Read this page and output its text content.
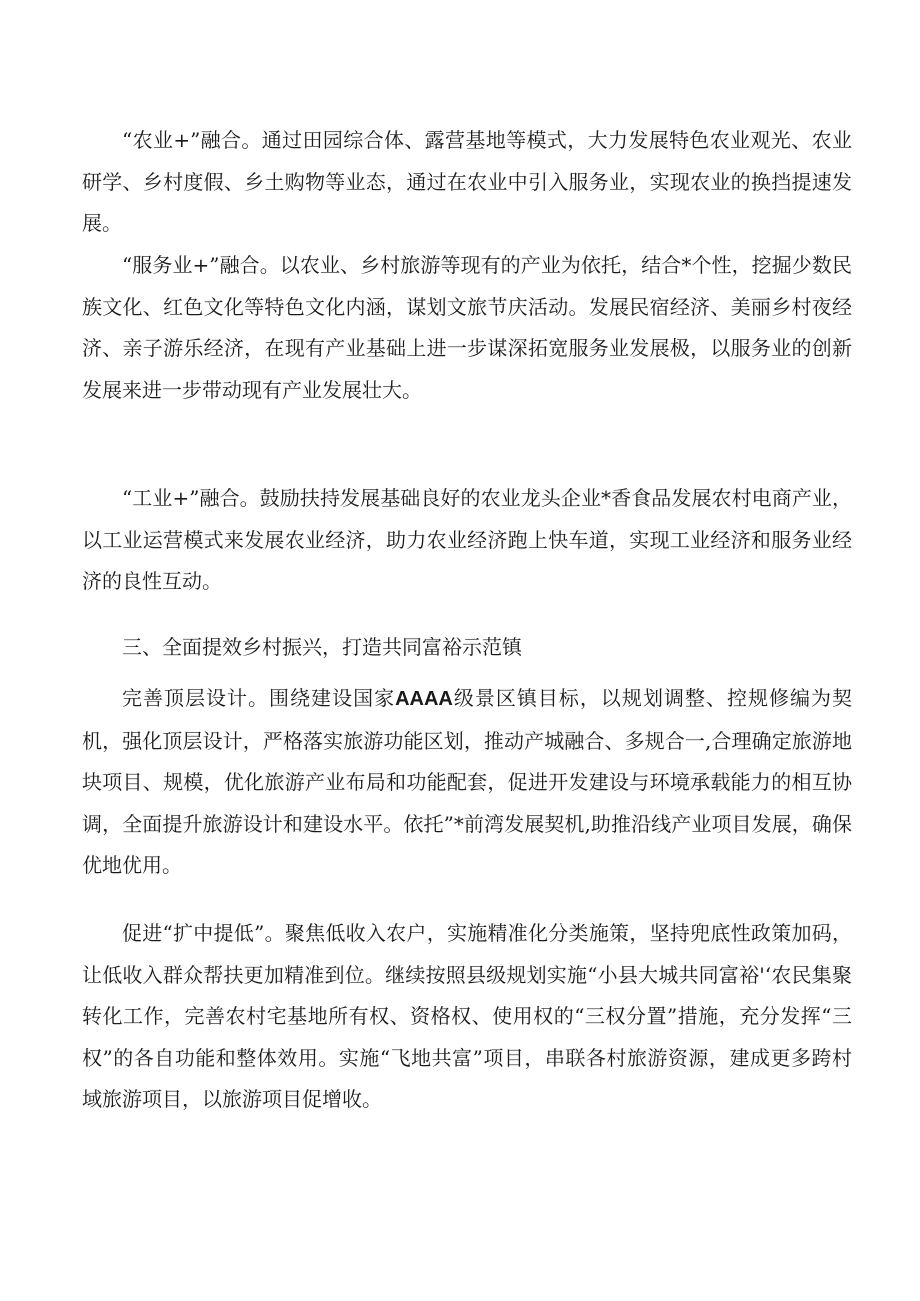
“农业+”融合。通过田园综合体、露营基地等模式，大力发展特色农业观光、农业研学、乡村度假、乡土购物等业态，通过在农业中引入服务业，实现农业的换挡提速发展。

“服务业+”融合。以农业、乡村旅游等现有的产业为依托，结合*个性，挖掘少数民族文化、红色文化等特色文化内涵，谋划文旅节庆活动。发展民宿经济、美丽乡村夜经济、亲子游乐经济，在现有产业基础上进一步谋深拓宽服务业发展极，以服务业的创新发展来进一步带动现有产业发展壮大。

“工业+”融合。鼓励扶持发展基础良好的农业龙头企业*香食品发展农村电商产业，以工业运营模式来发展农业经济，助力农业经济跑上快车道，实现工业经济和服务业经济的良性互动。

三、全面提效乡村振兴，打造共同富裕示范镇

完善顶层设计。围绕建设国家AAAA级景区镇目标，以规划调整、控规修编为契机，强化顶层设计，严格落实旅游功能区划，推动产城融合、多规合一,合理确定旅游地块项目、规模，优化旅游产业布局和功能配套，促进开发建设与环境承载能力的相互协调，全面提升旅游设计和建设水平。依托”*前湾发展契机,助推沿线产业项目发展，确保优地优用。

促进“扩中提低”。聚焦低收入农户，实施精准化分类施策，坚持兜底性政策加码，让低收入群众帮扶更加精准到位。继续按照县级规划实施“小县大城共同富裕'‘农民集聚转化工作，完善农村宅基地所有权、资格权、使用权的“三权分置”措施，充分发挥“三权”的各自功能和整体效用。实施“飞地共富”项目，串联各村旅游资源，建成更多跨村域旅游项目，以旅游项目促增收。
